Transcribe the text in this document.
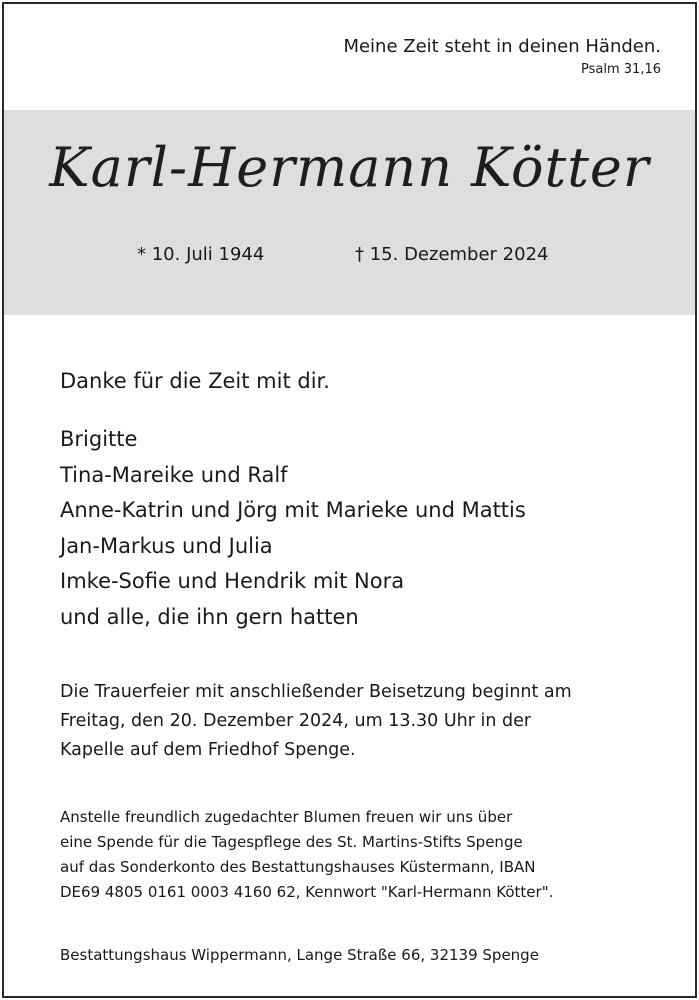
Meine Zeit steht in deinen Händen.
Psalm 31,16
Karl-Hermann Kötter
* 10. Juli 1944	† 15. Dezember 2024
Danke für die Zeit mit dir.
Brigitte
Tina-Mareike und Ralf
Anne-Katrin und Jörg mit Marieke und Mattis
Jan-Markus und Julia
Imke-Sofie und Hendrik mit Nora
und alle, die ihn gern hatten
Die Trauerfeier mit anschließender Beisetzung beginnt am
Freitag, den 20. Dezember 2024, um 13.30 Uhr in der
Kapelle auf dem Friedhof Spenge.
Anstelle freundlich zugedachter Blumen freuen wir uns über
eine Spende für die Tagespflege des St. Martins-Stifts Spenge
auf das Sonderkonto des Bestattungshauses Küstermann, IBAN
DE69 4805 0161 0003 4160 62, Kennwort "Karl-Hermann Kötter".
Bestattungshaus Wippermann, Lange Straße 66, 32139 Spenge
